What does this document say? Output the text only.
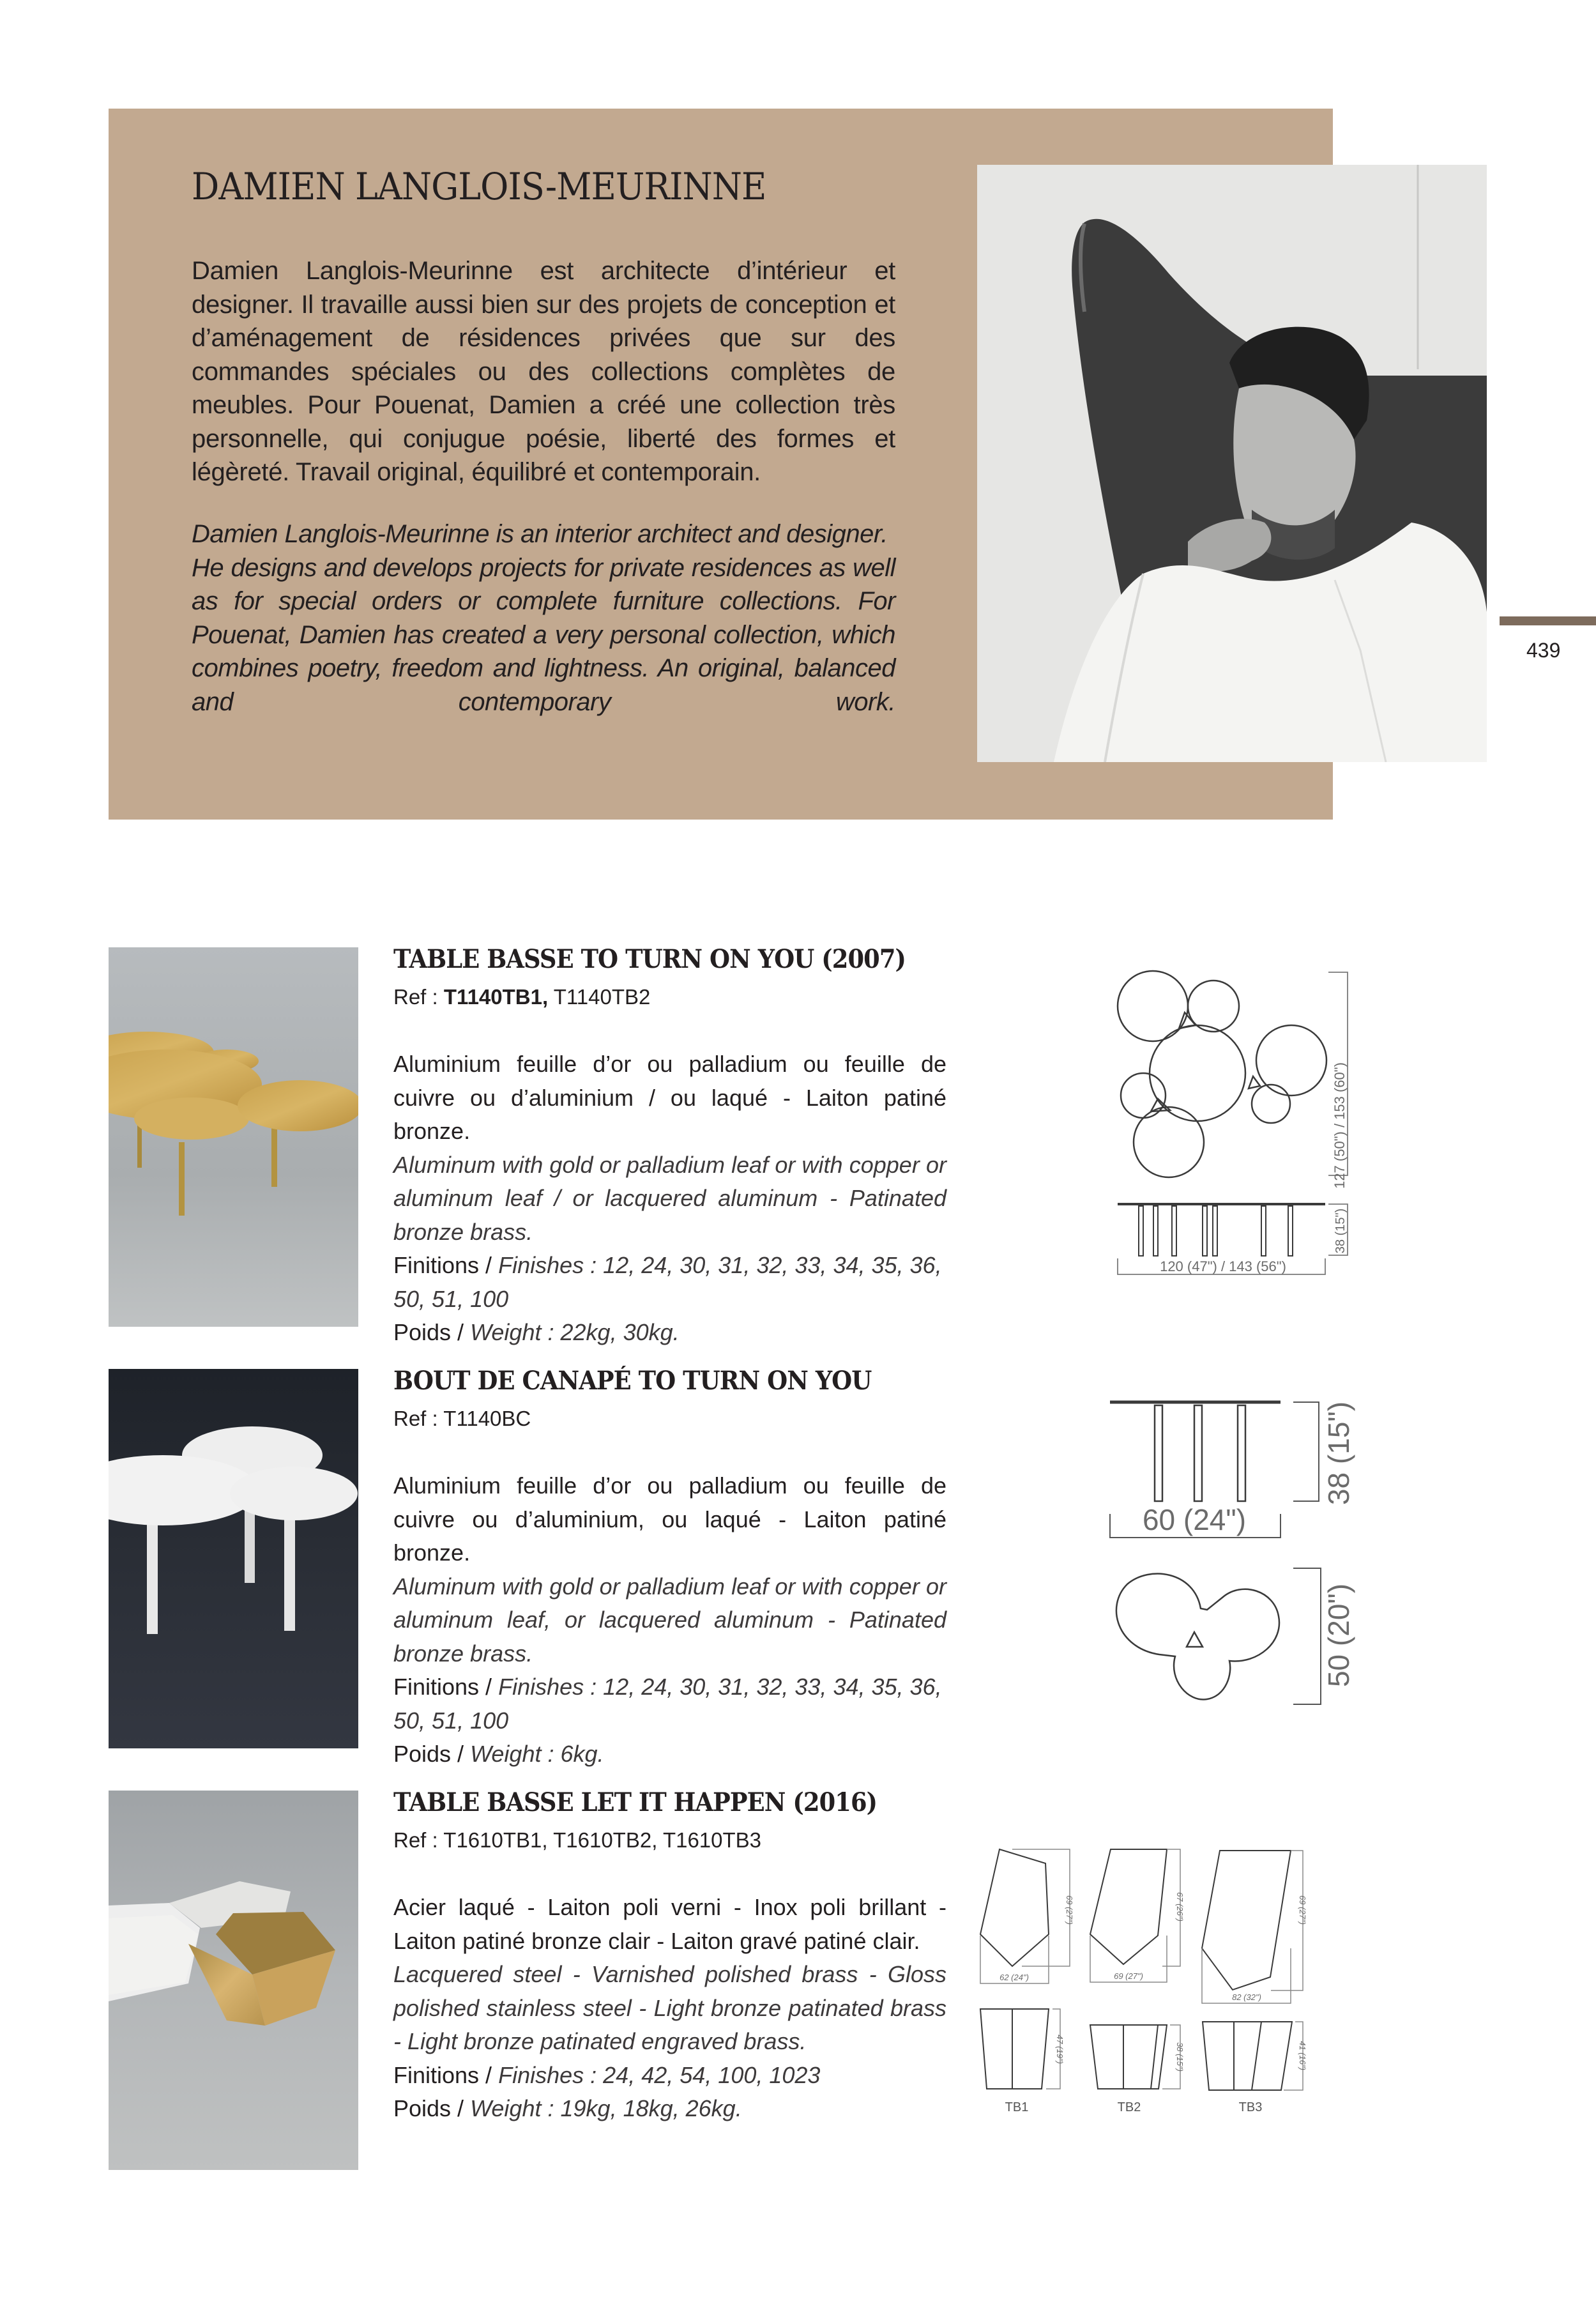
DAMIEN LANGLOIS-MEURINNE

Damien Langlois-Meurinne est architecte d’intérieur et designer. Il travaille aussi bien sur des projets de conception et d’aménagement de résidences privées que sur des commandes spéciales ou des collections complètes de meubles. Pour Pouenat, Damien a créé une collection très personnelle, qui conjugue poésie, liberté des formes et légèreté. Travail original, équilibré et contemporain.

Damien Langlois-Meurinne is an interior architect and designer.

He designs and develops projects for private residences as well as for special orders or complete furniture collections. For Pouenat, Damien has created a very personal collection, which combines poetry, freedom and lightness. An original, balanced and contemporary work.

439
TABLE BASSE TO TURN ON YOU (2007)
Ref : T1140TB1, T1140TB2
Aluminium feuille d’or ou palladium ou feuille de cuivre ou d’aluminium / ou laqué - Laiton patiné bronze.
Aluminum with gold or palladium leaf or with copper or aluminum leaf / or lacquered aluminum - Patinated bronze brass.
Finitions / Finishes : 12, 24, 30, 31, 32, 33, 34, 35, 36, 50, 51, 100
Poids / Weight : 22kg, 30kg.
127 (50") / 153 (60")
38 (15")
120 (47") / 143 (56")
BOUT DE CANAPÉ TO TURN ON YOU
Ref : T1140BC
Aluminium feuille d’or ou palladium ou feuille de cuivre ou d’aluminium, ou laqué - Laiton patiné bronze.
Aluminum with gold or palladium leaf or with copper or aluminum leaf, or lacquered aluminum - Patinated bronze brass.
Finitions / Finishes : 12, 24, 30, 31, 32, 33, 34, 35, 36, 50, 51, 100
Poids / Weight : 6kg.
38 (15")
60 (24")
50 (20")
TABLE BASSE LET IT HAPPEN (2016)
Ref : T1610TB1, T1610TB2, T1610TB3
Acier laqué - Laiton poli verni - Inox poli brillant - Laiton patiné bronze clair - Laiton gravé patiné clair.
Lacquered steel - Varnished polished brass - Gloss polished stainless steel - Light bronze patinated brass - Light bronze patinated engraved brass.
Finitions / Finishes : 24, 42, 54, 100, 1023
Poids / Weight : 19kg, 18kg, 26kg.
69 (27")
62 (24")
67 (26")
69 (27")
69 (27")
82 (32")
47 (19")	38 (15")	41 (16")
TB1	TB2	TB3
